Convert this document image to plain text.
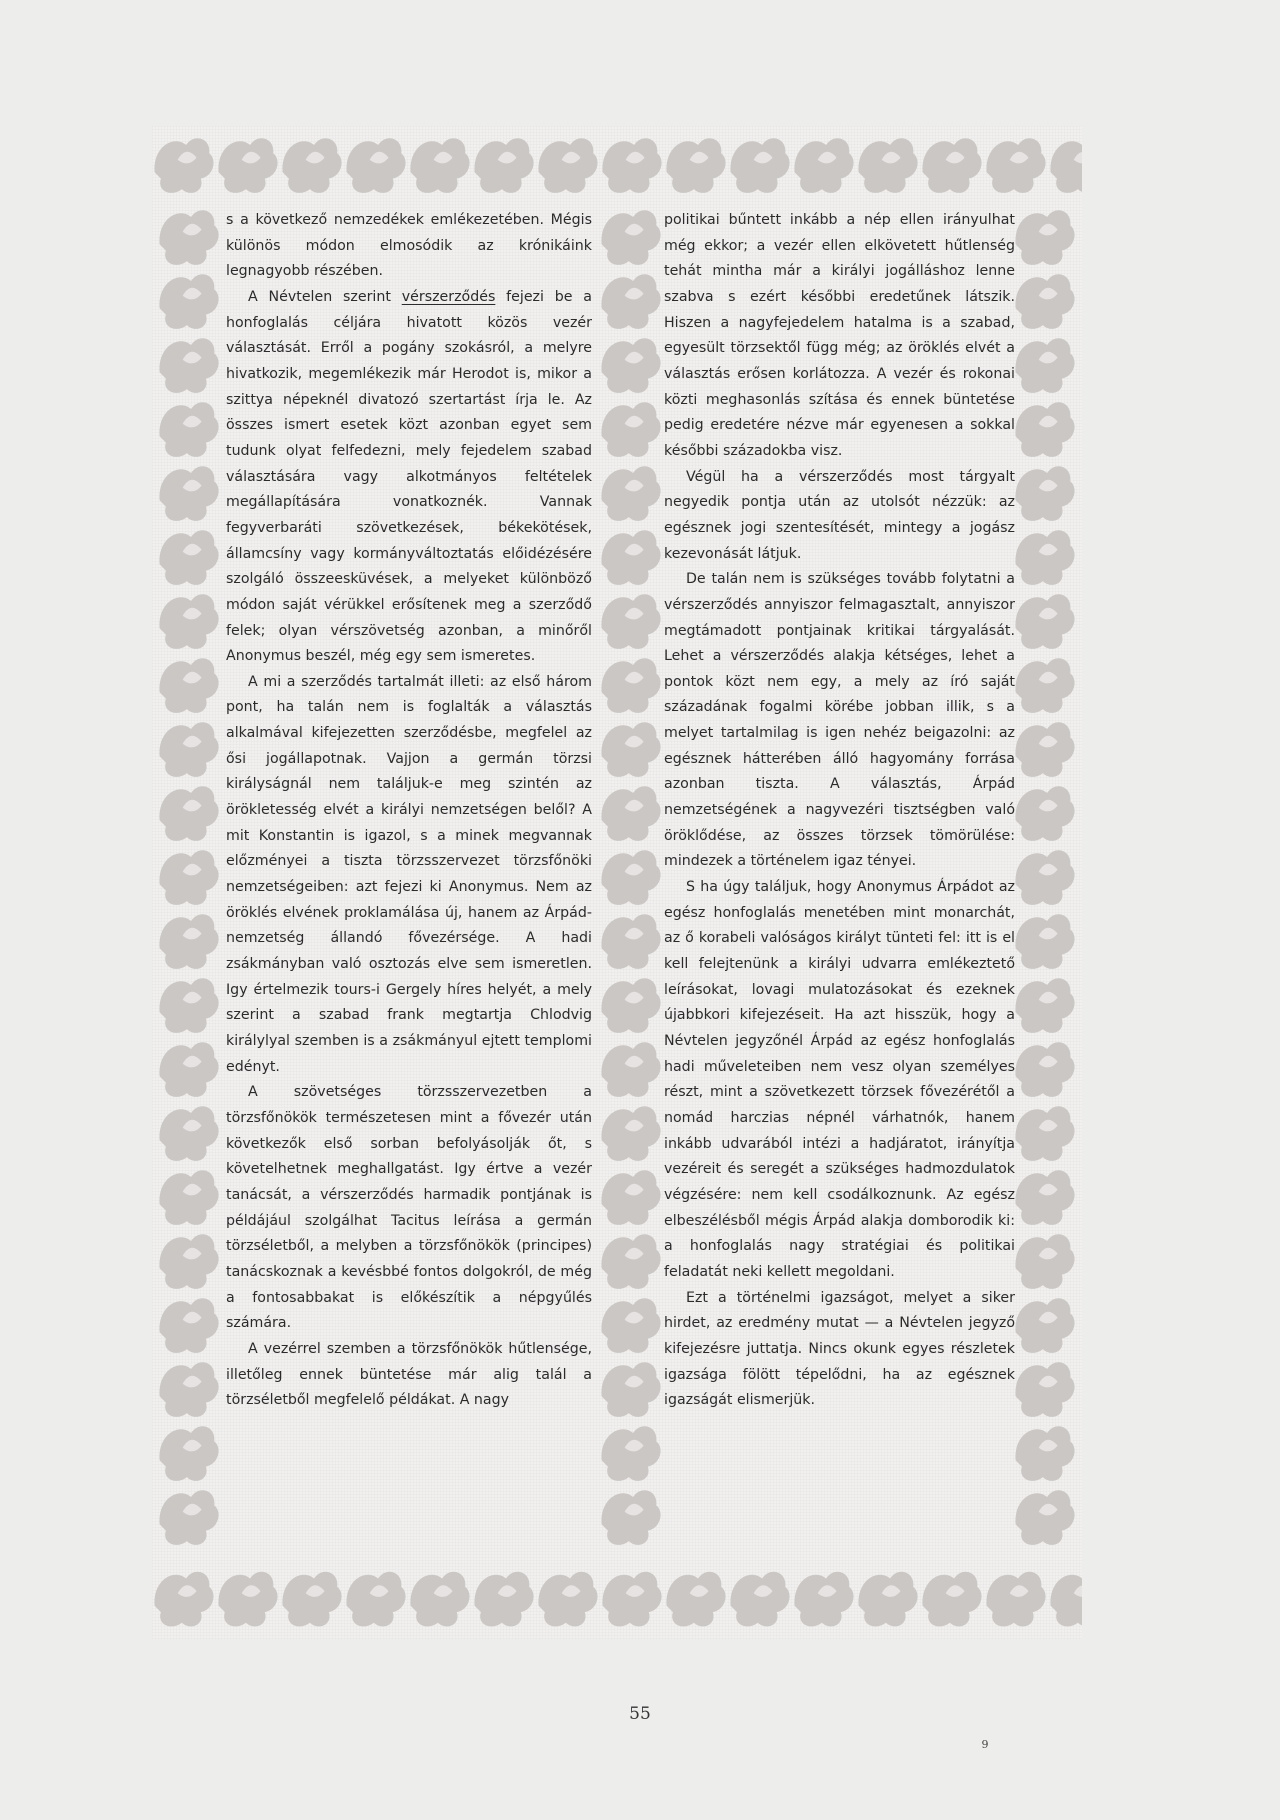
s a következő nemzedékek emlékezetében. Mégis különös módon elmosódik az krónikáink legnagyobb részében.

A Névtelen szerint vérszerződés fejezi be a honfoglalás céljára hivatott közös vezér választását. Erről a pogány szokásról, a melyre hivatkozik, megemlékezik már Herodot is, mikor a szittya népeknél divatozó szertartást írja le. Az összes ismert esetek közt azonban egyet sem tudunk olyat felfedezni, mely fejedelem szabad választására vagy alkotmányos feltételek megállapítására vonatkoznék. Vannak fegyverbaráti szövetkezések, békekötések, államcsíny vagy kormányváltoztatás előidézésére szolgáló összeesküvések, a melyeket különböző módon saját vérükkel erősítenek meg a szerződő felek; olyan vérszövetség azonban, a minőről Anonymus beszél, még egy sem ismeretes.

A mi a szerződés tartalmát illeti: az első három pont, ha talán nem is foglalták a választás alkalmával kifejezetten szerződésbe, megfelel az ősi jogállapotnak. Vajjon a germán törzsi királyságnál nem találjuk-e meg szintén az örökletesség elvét a királyi nemzetségen belől? A mit Konstantin is igazol, s a minek megvannak előzményei a tiszta törzsszervezet törzsfőnöki nemzetségeiben: azt fejezi ki Anonymus. Nem az öröklés elvének proklamálása új, hanem az Árpád-nemzetség állandó fővezérsége. A hadi zsákmányban való osztozás elve sem ismeretlen. Igy értelmezik tours-i Gergely híres helyét, a mely szerint a szabad frank megtartja Chlodvig királylyal szemben is a zsákmányul ejtett templomi edényt.

A szövetséges törzsszervezetben a törzsfőnökök természetesen mint a fővezér után következők első sorban befolyásolják őt, s követelhetnek meghallgatást. Igy értve a vezér tanácsát, a vérszerződés harmadik pontjának is példájául szolgálhat Tacitus leírása a germán törzséletből, a melyben a törzsfőnökök (principes) tanácskoznak a kevésbbé fontos dolgokról, de még a fontosabbakat is előkészítik a népgyűlés számára.

A vezérrel szemben a törzsfőnökök hűtlensége, illetőleg ennek büntetése már alig talál a törzséletből megfelelő példákat. A nagy

politikai bűntett inkább a nép ellen irányulhat még ekkor; a vezér ellen elkövetett hűtlenség tehát mintha már a királyi jogálláshoz lenne szabva s ezért későbbi eredetűnek látszik. Hiszen a nagyfejedelem hatalma is a szabad, egyesült törzsektől függ még; az öröklés elvét a választás erősen korlátozza. A vezér és rokonai közti meghasonlás szítása és ennek büntetése pedig eredetére nézve már egyenesen a sokkal későbbi századokba visz.

Végül ha a vérszerződés most tárgyalt negyedik pontja után az utolsót nézzük: az egésznek jogi szentesítését, mintegy a jogász kezevonását látjuk.

De talán nem is szükséges tovább folytatni a vérszerződés annyiszor felmagasztalt, annyiszor megtámadott pontjainak kritikai tárgyalását. Lehet a vérszerződés alakja kétséges, lehet a pontok közt nem egy, a mely az író saját századának fogalmi körébe jobban illik, s a melyet tartalmilag is igen nehéz beigazolni: az egésznek hátterében álló hagyomány forrása azonban tiszta. A választás, Árpád nemzetségének a nagyvezéri tisztségben való öröklődése, az összes törzsek tömörülése: mindezek a történelem igaz tényei.

S ha úgy találjuk, hogy Anonymus Árpádot az egész honfoglalás menetében mint monarchát, az ő korabeli valóságos királyt tünteti fel: itt is el kell felejtenünk a királyi udvarra emlékeztető leírásokat, lovagi mulatozásokat és ezeknek újabbkori kifejezéseit. Ha azt hisszük, hogy a Névtelen jegyzőnél Árpád az egész honfoglalás hadi műveleteiben nem vesz olyan személyes részt, mint a szövetkezett törzsek fővezérétől a nomád harczias népnél várhatnók, hanem inkább udvarából intézi a hadjáratot, irányítja vezéreit és seregét a szükséges hadmozdulatok végzésére: nem kell csodálkoznunk. Az egész elbeszélésből mégis Árpád alakja domborodik ki: a honfoglalás nagy stratégiai és politikai feladatát neki kellett megoldani.

Ezt a történelmi igazságot, melyet a siker hirdet, az eredmény mutat — a Névtelen jegyző kifejezésre juttatja. Nincs okunk egyes részletek igazsága fölött tépelődni, ha az egésznek igazságát elismerjük.

55
9
